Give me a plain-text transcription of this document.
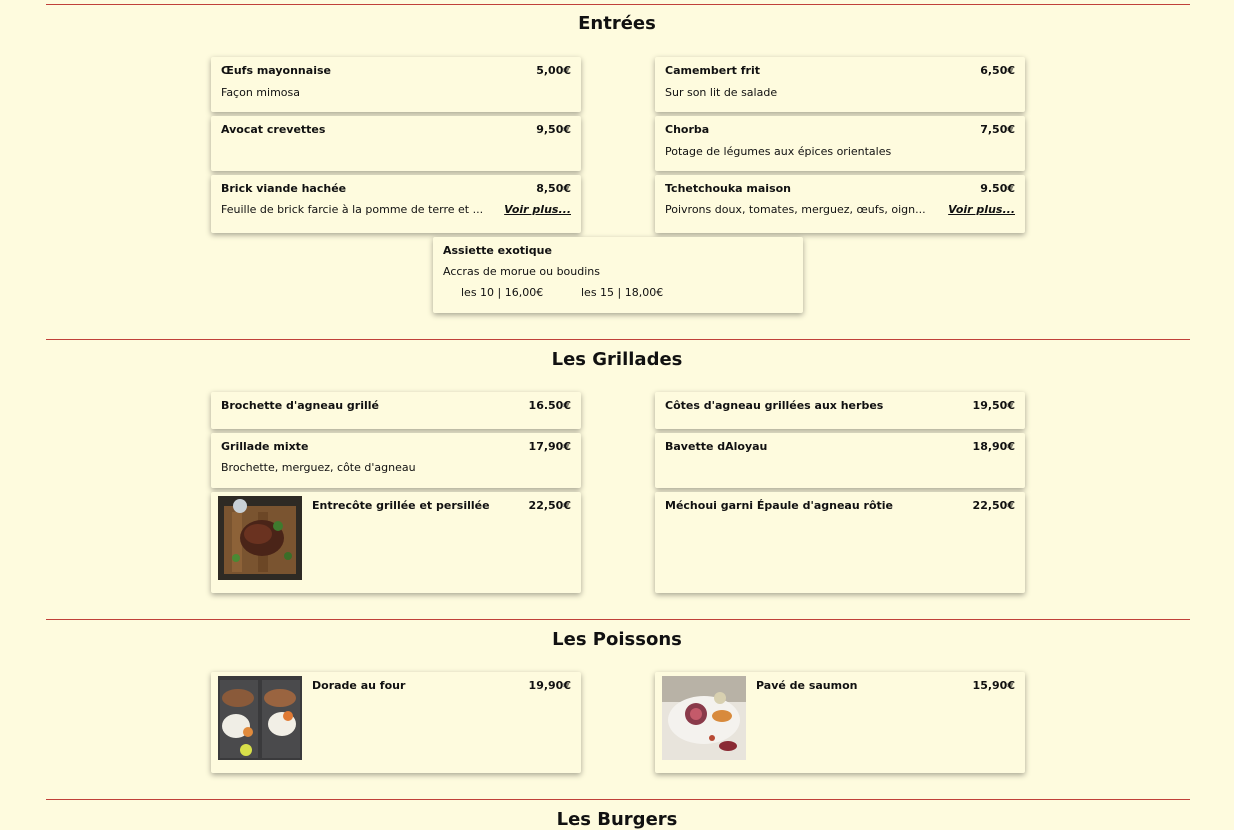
Entrées
Œufs mayonnaise	5,00€
Façon mimosa
Camembert frit	6,50€
Sur son lit de salade
Avocat crevettes	9,50€	Chorba	7,50€
Potage de légumes aux épices orientales
Brick viande hachée	8,50€
Feuille de brick farcie à la pomme de terre et ... Voir plus...
Tchetchouka maison	9.50€
Poivrons doux, tomates, merguez, œufs, oign... Voir plus...
Assiette exotique
Accras de morue ou boudins
les 10 | 16,00€	les 15 | 18,00€
Les Grillades
Brochette d'agneau grillé	16.50€	Côtes d'agneau grillées aux herbes	19,50€
Grillade mixte	17,90€
Brochette, merguez, côte d'agneau
Bavette dAloyau	18,90€
Entrecôte grillée et persillée	22,50€	Méchoui garni Épaule d'agneau rôtie	22,50€
Les Poissons
Dorade au four	19,90€	Pavé de saumon	15,90€
Les Burgers
